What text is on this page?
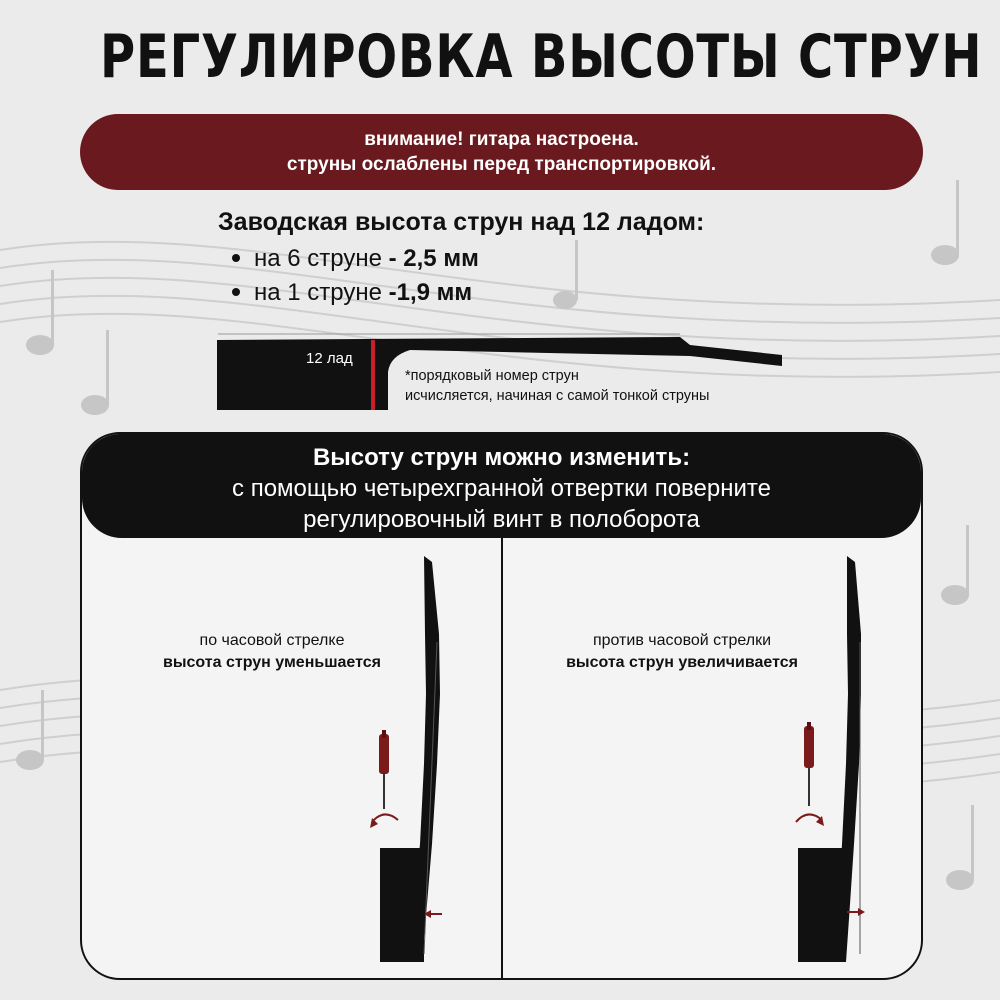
РЕГУЛИРОВКА ВЫСОТЫ СТРУН
внимание! гитара настроена.
струны ослаблены перед транспортировкой.
Заводская высота струн над 12 ладом:
на 6 струне - 2,5 мм
на 1 струне -1,9 мм
12 лад
*порядковый номер струн
исчисляется, начиная с самой тонкой струны
Высоту струн можно изменить:
с помощью четырехгранной отвертки поверните
регулировочный винт в полоборота
по часовой стрелке
высота струн уменьшается
против часовой стрелки
высота струн увеличивается
